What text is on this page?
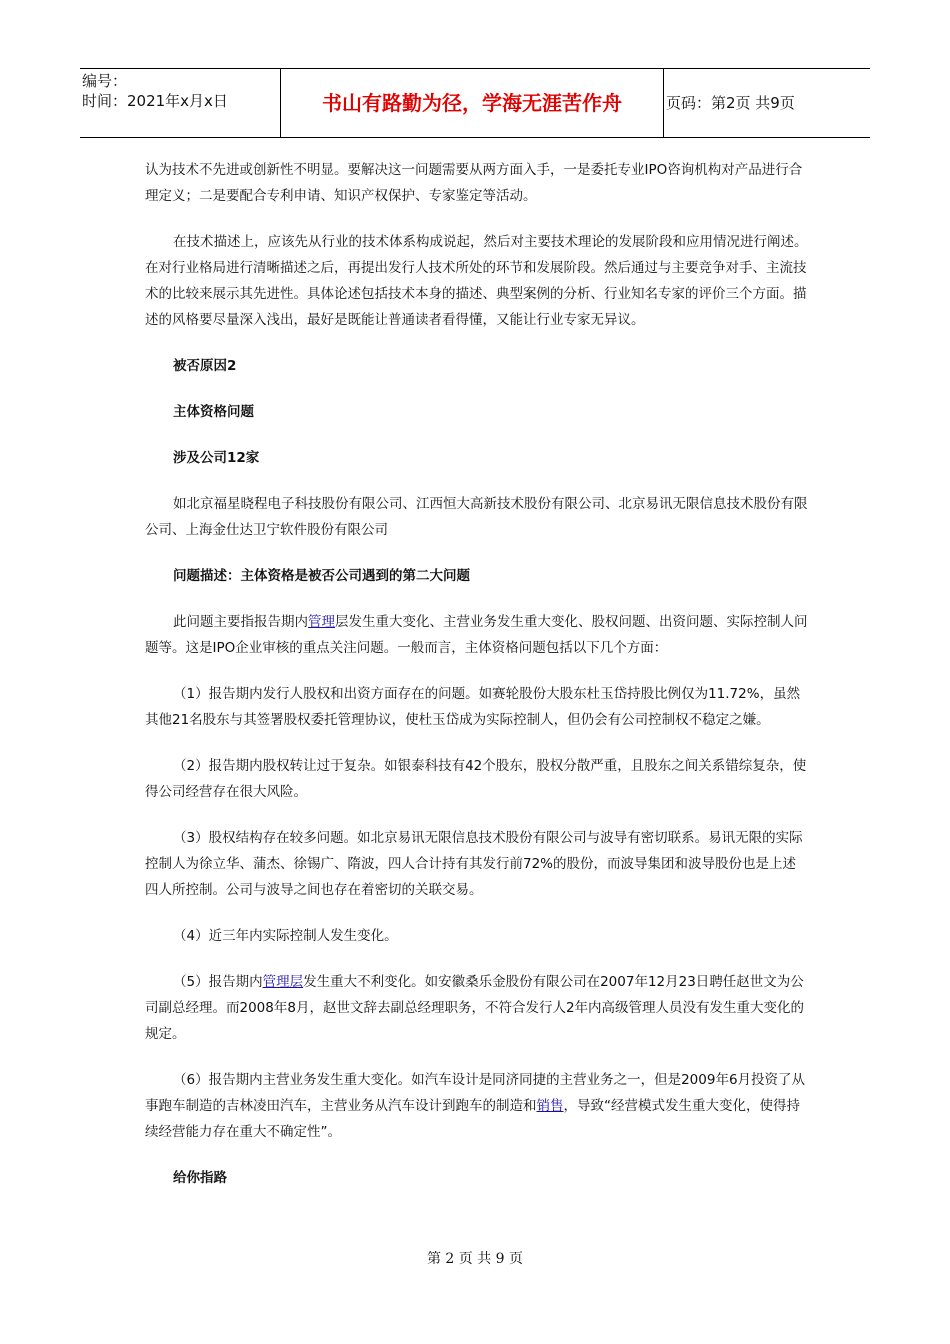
编号：
时间：2021年x月x日	书山有路勤为径，学海无涯苦作舟	页码：第2页 共9页

认为技术不先进或创新性不明显。要解决这一问题需要从两方面入手，一是委托专业IPO咨询机构对产品进行合理定义；二是要配合专利申请、知识产权保护、专家鉴定等活动。

在技术描述上，应该先从行业的技术体系构成说起，然后对主要技术理论的发展阶段和应用情况进行阐述。在对行业格局进行清晰描述之后，再提出发行人技术所处的环节和发展阶段。然后通过与主要竞争对手、主流技术的比较来展示其先进性。具体论述包括技术本身的描述、典型案例的分析、行业知名专家的评价三个方面。描述的风格要尽量深入浅出，最好是既能让普通读者看得懂，又能让行业专家无异议。

被否原因2

主体资格问题

涉及公司12家

如北京福星晓程电子科技股份有限公司、江西恒大高新技术股份有限公司、北京易讯无限信息技术股份有限公司、上海金仕达卫宁软件股份有限公司

问题描述：主体资格是被否公司遇到的第二大问题

此问题主要指报告期内管理层发生重大变化、主营业务发生重大变化、股权问题、出资问题、实际控制人问题等。这是IPO企业审核的重点关注问题。一般而言，主体资格问题包括以下几个方面：

（1）报告期内发行人股权和出资方面存在的问题。如赛轮股份大股东杜玉岱持股比例仅为11.72%，虽然其他21名股东与其签署股权委托管理协议，使杜玉岱成为实际控制人，但仍会有公司控制权不稳定之嫌。

（2）报告期内股权转让过于复杂。如银泰科技有42个股东，股权分散严重，且股东之间关系错综复杂，使得公司经营存在很大风险。

（3）股权结构存在较多问题。如北京易讯无限信息技术股份有限公司与波导有密切联系。易讯无限的实际控制人为徐立华、蒲杰、徐锡广、隋波，四人合计持有其发行前72%的股份，而波导集团和波导股份也是上述四人所控制。公司与波导之间也存在着密切的关联交易。

（4）近三年内实际控制人发生变化。

（5）报告期内管理层发生重大不利变化。如安徽桑乐金股份有限公司在2007年12月23日聘任赵世文为公司副总经理。而2008年8月，赵世文辞去副总经理职务，不符合发行人2年内高级管理人员没有发生重大变化的规定。

（6）报告期内主营业务发生重大变化。如汽车设计是同济同捷的主营业务之一，但是2009年6月投资了从事跑车制造的吉林凌田汽车，主营业务从汽车设计到跑车的制造和销售，导致“经营模式发生重大变化，使得持续经营能力存在重大不确定性”。

给你指路

第 2 页 共 9 页
